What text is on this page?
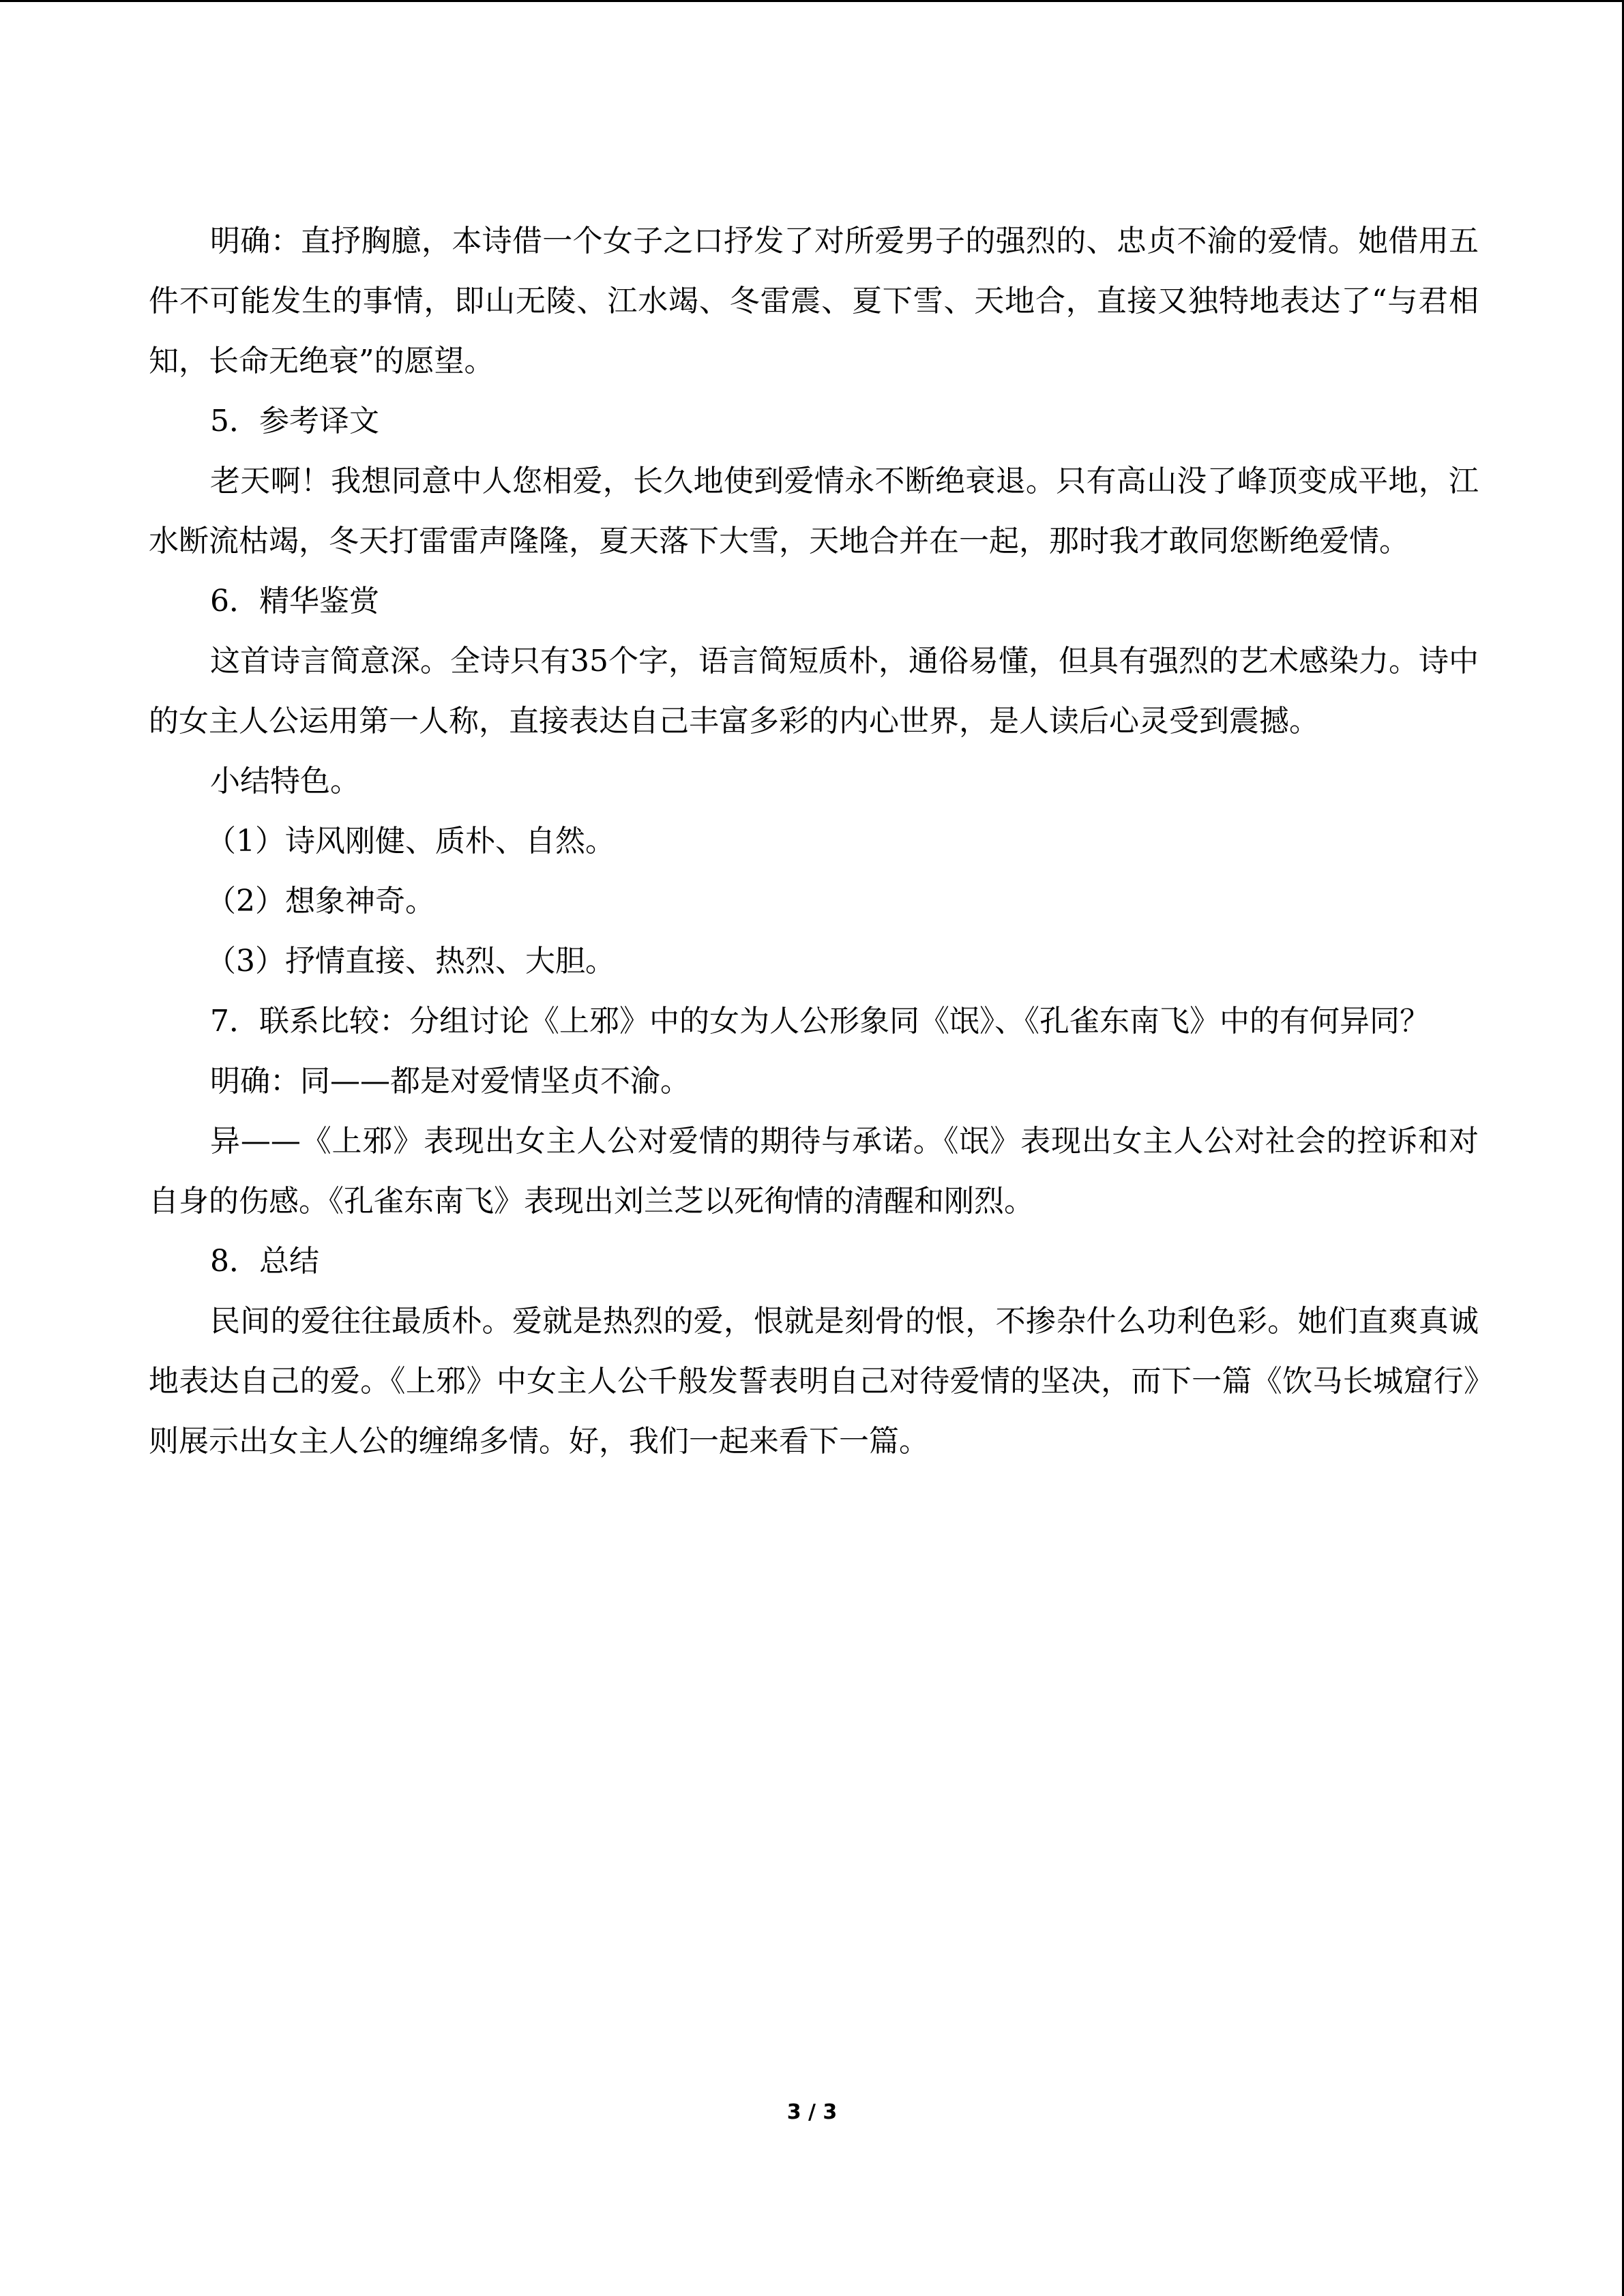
明确：直抒胸臆，本诗借一个女子之口抒发了对所爱男子的强烈的、忠贞不渝的爱情。她借用五件不可能发生的事情，即山无陵、江水竭、冬雷震、夏下雪、天地合，直接又独特地表达了“与君相知，长命无绝衰”的愿望。

5．参考译文

老天啊！我想同意中人您相爱，长久地使到爱情永不断绝衰退。只有高山没了峰顶变成平地，江水断流枯竭，冬天打雷雷声隆隆，夏天落下大雪，天地合并在一起，那时我才敢同您断绝爱情。

6．精华鉴赏

这首诗言简意深。全诗只有35个字，语言简短质朴，通俗易懂，但具有强烈的艺术感染力。诗中的女主人公运用第一人称，直接表达自己丰富多彩的内心世界，是人读后心灵受到震撼。

小结特色。

（1）诗风刚健、质朴、自然。

（2）想象神奇。

（3）抒情直接、热烈、大胆。

7．联系比较：分组讨论《上邪》中的女为人公形象同《氓》、《孔雀东南飞》中的有何异同？

明确：同——都是对爱情坚贞不渝。

异——《上邪》表现出女主人公对爱情的期待与承诺。《氓》表现出女主人公对社会的控诉和对自身的伤感。《孔雀东南飞》表现出刘兰芝以死徇情的清醒和刚烈。

8．总结

民间的爱往往最质朴。爱就是热烈的爱，恨就是刻骨的恨，不掺杂什么功利色彩。她们直爽真诚地表达自己的爱。《上邪》中女主人公千般发誓表明自己对待爱情的坚决，而下一篇《饮马长城窟行》则展示出女主人公的缠绵多情。好，我们一起来看下一篇。

3 / 3
